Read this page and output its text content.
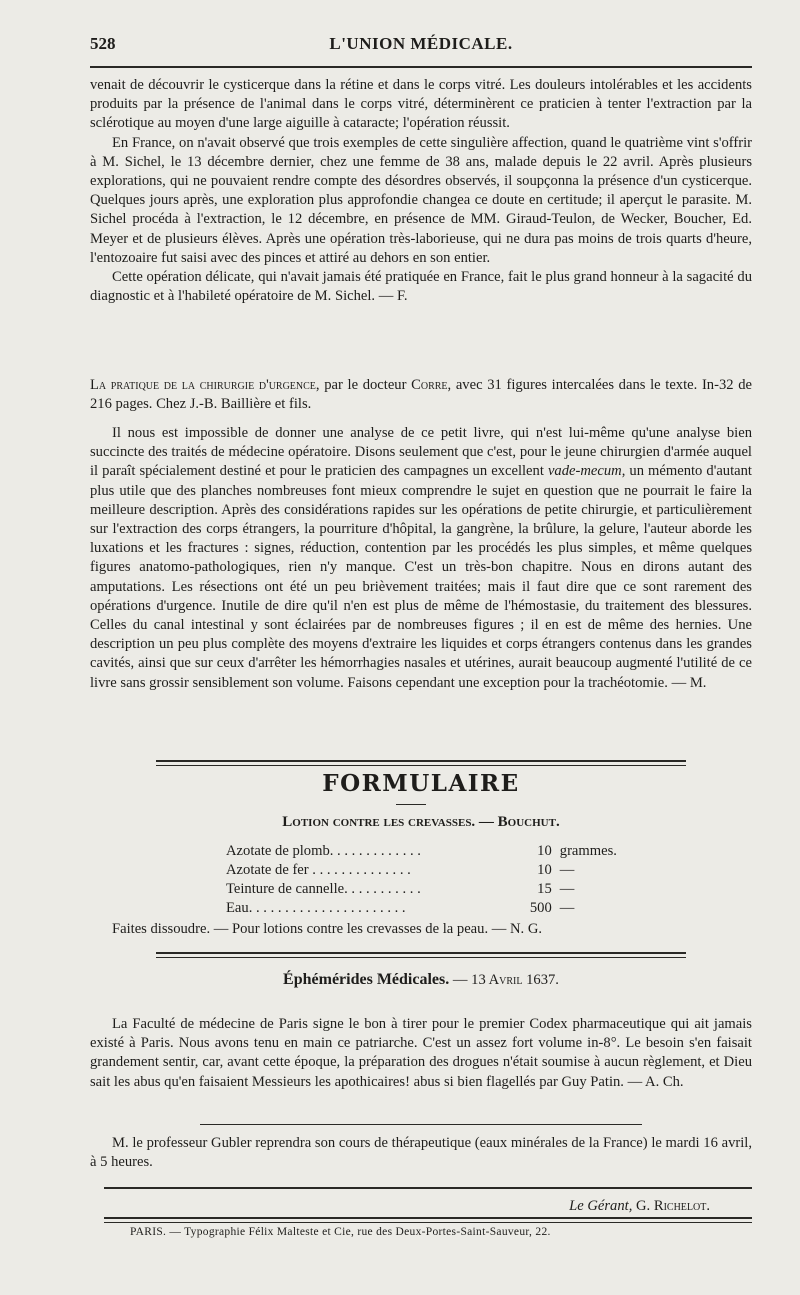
528	L'UNION MÉDICALE.

venait de découvrir le cysticerque dans la rétine et dans le corps vitré. Les douleurs intolérables et les accidents produits par la présence de l'animal dans le corps vitré, déterminèrent ce praticien à tenter l'extraction par la sclérotique au moyen d'une large aiguille à cataracte; l'opération réussit.

En France, on n'avait observé que trois exemples de cette singulière affection, quand le quatrième vint s'offrir à M. Sichel, le 13 décembre dernier, chez une femme de 38 ans, malade depuis le 22 avril. Après plusieurs explorations, qui ne pouvaient rendre compte des désordres observés, il soupçonna la présence d'un cysticerque. Quelques jours après, une exploration plus approfondie changea ce doute en certitude; il aperçut le parasite. M. Sichel procéda à l'extraction, le 12 décembre, en présence de MM. Giraud-Teulon, de Wecker, Boucher, Ed. Meyer et de plusieurs élèves. Après une opération très-laborieuse, qui ne dura pas moins de trois quarts d'heure, l'entozoaire fut saisi avec des pinces et attiré au dehors en son entier.

Cette opération délicate, qui n'avait jamais été pratiquée en France, fait le plus grand honneur à la sagacité du diagnostic et à l'habileté opératoire de M. Sichel. — F.

La pratique de la chirurgie d'urgence, par le docteur Corre, avec 31 figures intercalées dans le texte. In-32 de 216 pages. Chez J.-B. Baillière et fils.

Il nous est impossible de donner une analyse de ce petit livre, qui n'est lui-même qu'une analyse bien succincte des traités de médecine opératoire. Disons seulement que c'est, pour le jeune chirurgien d'armée auquel il paraît spécialement destiné et pour le praticien des campagnes un excellent vade-mecum, un mémento d'autant plus utile que des planches nombreuses font mieux comprendre le sujet en question que ne pourrait le faire la meilleure description. Après des considérations rapides sur les opérations de petite chirurgie, et particulièrement sur l'extraction des corps étrangers, la pourriture d'hôpital, la gangrène, la brûlure, la gelure, l'auteur aborde les luxations et les fractures : signes, réduction, contention par les procédés les plus simples, et même quelques figures anatomo-pathologiques, rien n'y manque. C'est un très-bon chapitre. Nous en dirons autant des amputations. Les résections ont été un peu brièvement traitées; mais il faut dire que ce sont rarement des opérations d'urgence. Inutile de dire qu'il n'en est plus de même de l'hémostasie, du traitement des blessures. Celles du canal intestinal y sont éclairées par de nombreuses figures ; il en est de même des hernies. Une description un peu plus complète des moyens d'extraire les liquides et corps étrangers contenus dans les grandes cavités, ainsi que sur ceux d'arrêter les hémorrhagies nasales et utérines, aurait beaucoup augmenté l'utilité de ce livre sans grossir sensiblement son volume. Faisons cependant une exception pour la trachéotomie. — M.

FORMULAIRE
Lotion contre les crevasses. — Bouchut.
Azotate de plomb. . . . . . . . . . . . .	10 grammes.
Azotate de fer . . . . . . . . . . . . . .	10 —
Teinture de cannelle. . . . . . . . . . .	15 —
Eau. . . . . . . . . . . . . . . . . . . . . .	500 —

Faites dissoudre. — Pour lotions contre les crevasses de la peau. — N. G.

Éphémérides Médicales. — 13 Avril 1637.

La Faculté de médecine de Paris signe le bon à tirer pour le premier Codex pharmaceutique qui ait jamais existé à Paris. Nous avons tenu en main ce patriarche. C'est un assez fort volume in-8°. Le besoin s'en faisait grandement sentir, car, avant cette époque, la préparation des drogues n'était soumise à aucun règlement, et Dieu sait les abus qu'en faisaient Messieurs les apothicaires! abus si bien flagellés par Guy Patin. — A. Ch.

M. le professeur Gubler reprendra son cours de thérapeutique (eaux minérales de la France) le mardi 16 avril, à 5 heures.

Le Gérant, G. Richelot.
PARIS. — Typographie Félix Malteste et Cie, rue des Deux-Portes-Saint-Sauveur, 22.
